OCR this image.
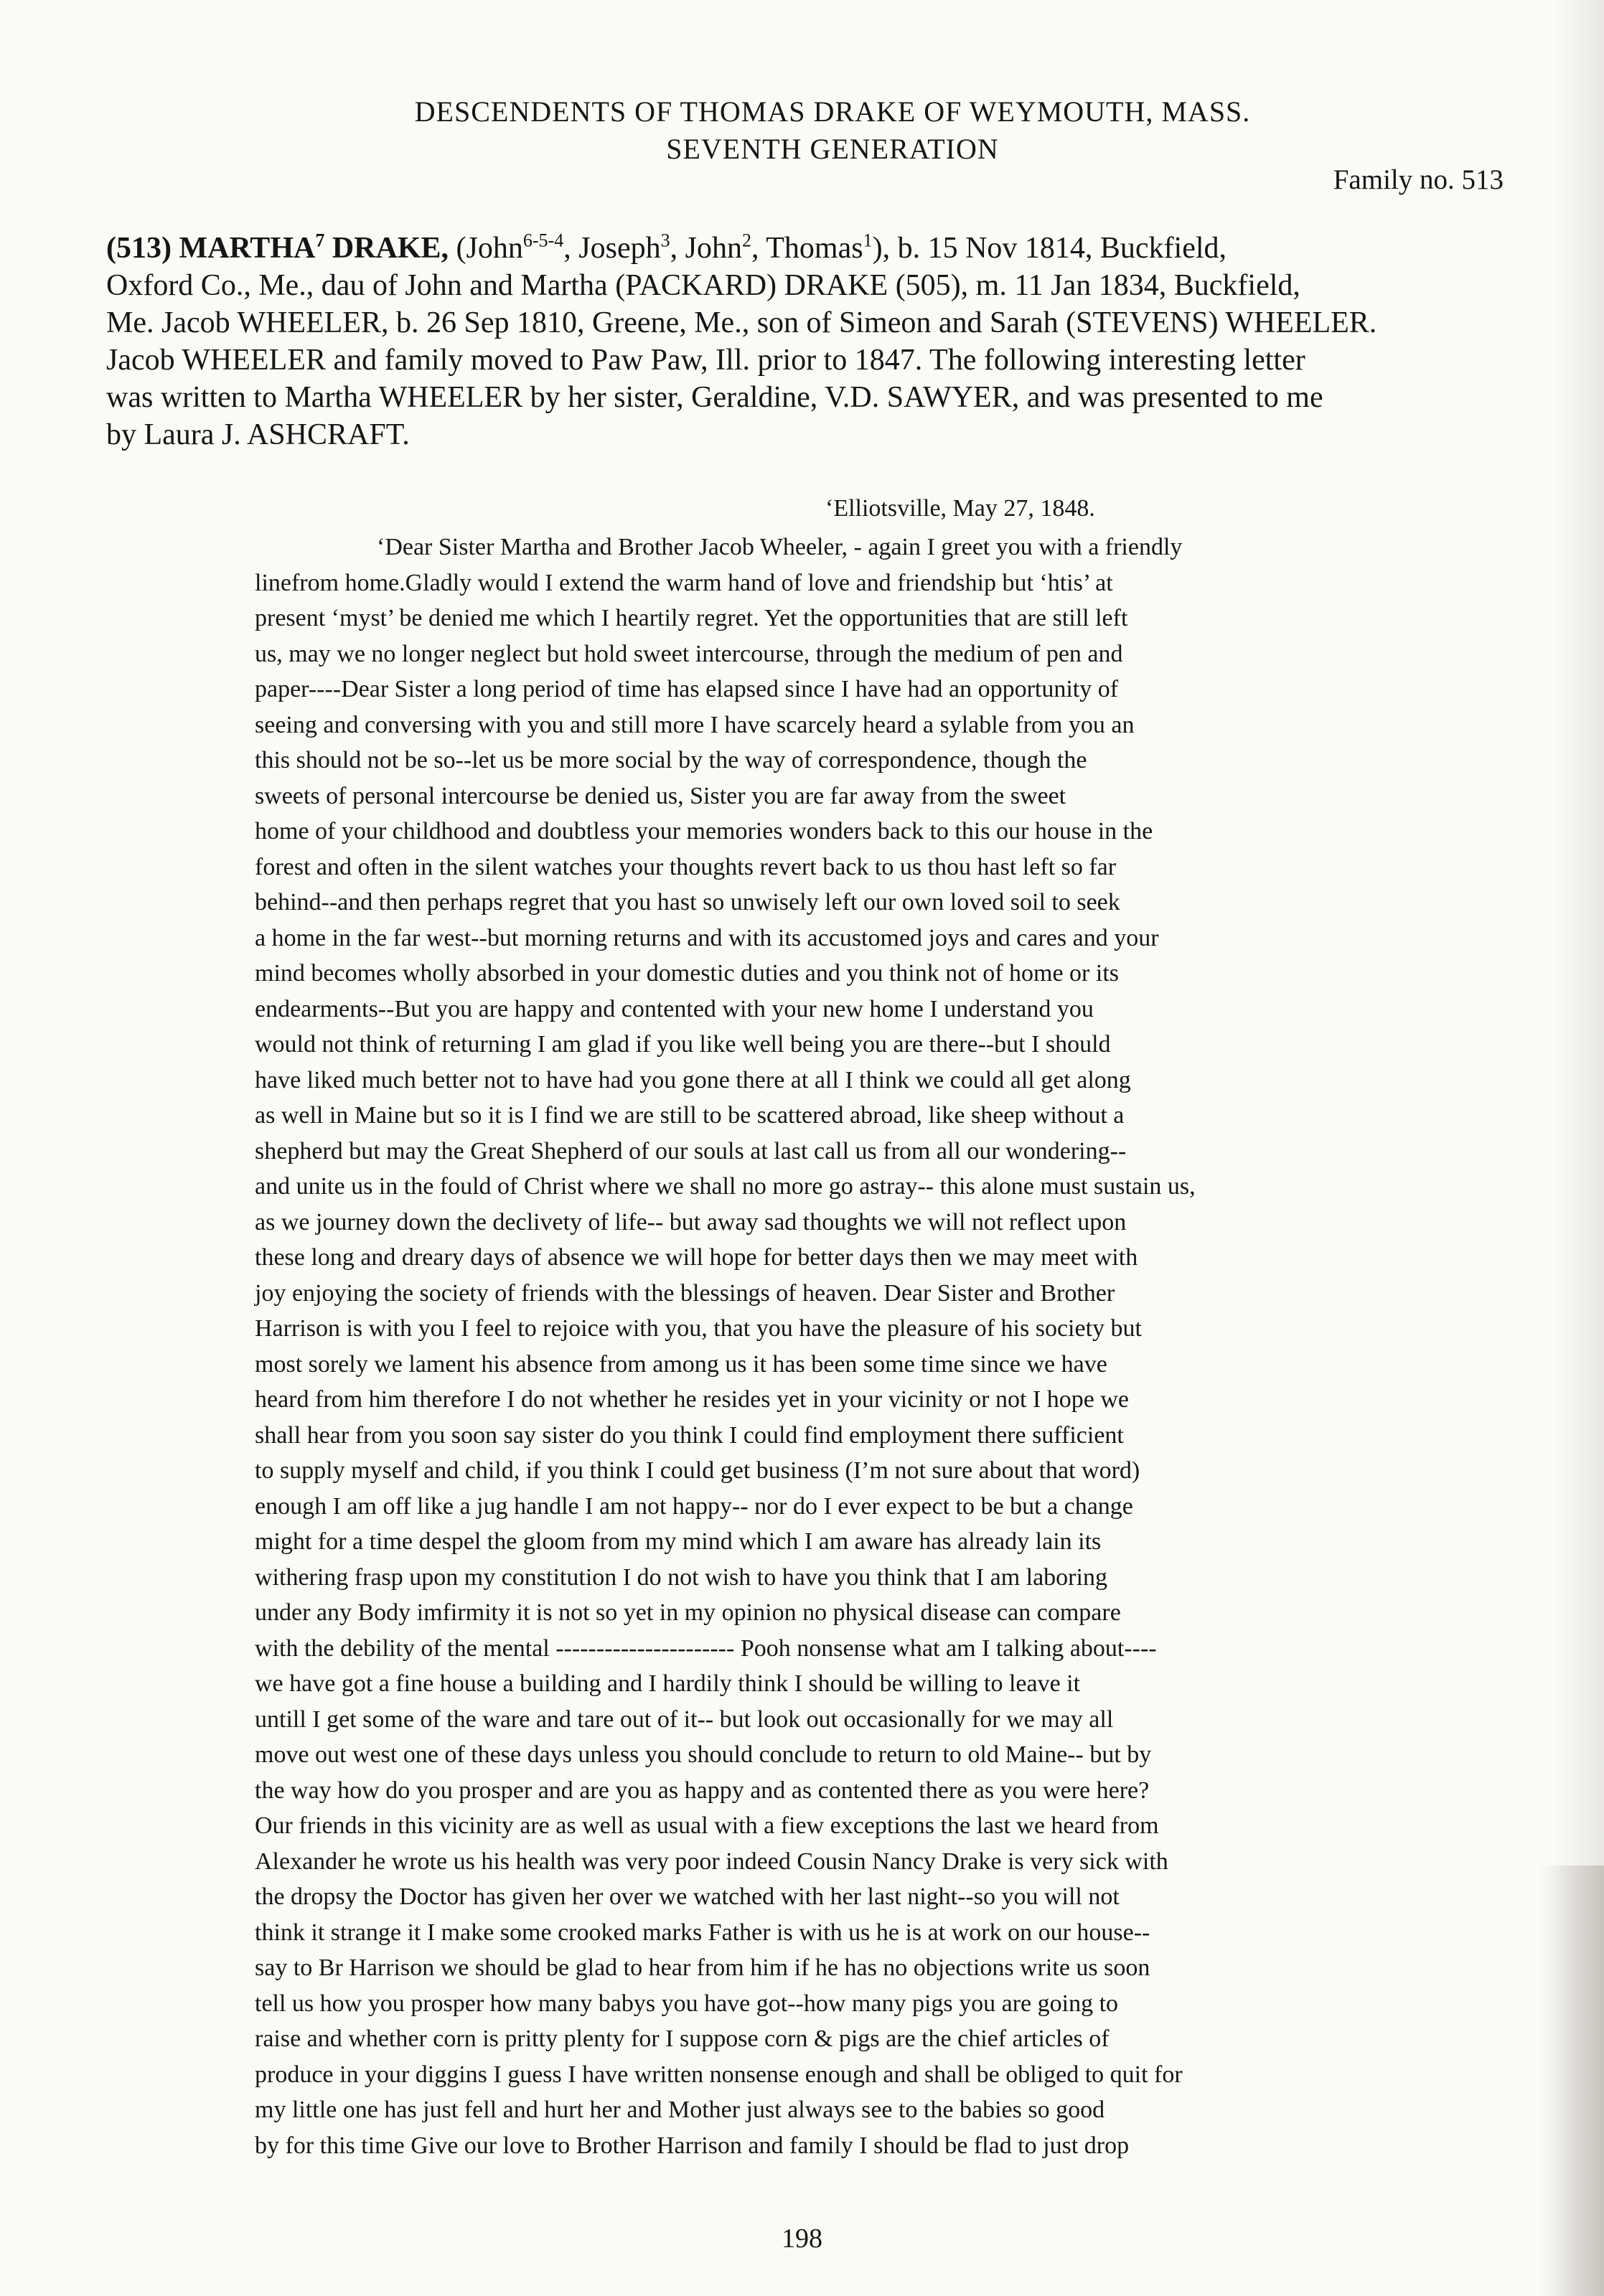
DESCENDENTS OF THOMAS DRAKE OF WEYMOUTH, MASS.
SEVENTH GENERATION
Family no. 513
(513) MARTHA$^7$ DRAKE, (John$^{6-5-4}$, Joseph$^3$, John$^2$, Thomas$^1$), b. 15 Nov 1814, Buckfield,
Oxford Co., Me., dau of John and Martha (PACKARD) DRAKE (505), m. 11 Jan 1834, Buckfield,
Me. Jacob WHEELER, b. 26 Sep 1810, Greene, Me., son of Simeon and Sarah (STEVENS) WHEELER.
Jacob WHEELER and family moved to Paw Paw, Ill. prior to 1847. The following interesting letter
was written to Martha WHEELER by her sister, Geraldine, V.D. SAWYER, and was presented to me
by Laura J. ASHCRAFT.
‘Elliotsville, May 27, 1848.
‘Dear Sister Martha and Brother Jacob Wheeler, - again I greet you with a friendly
linefrom home.Gladly would I extend the warm hand of love and friendship but ‘htis’ at
present ‘myst’ be denied me which I heartily regret. Yet the opportunities that are still left
us, may we no longer neglect but hold sweet intercourse, through the medium of pen and
paper----Dear Sister a long period of time has elapsed since I have had an opportunity of
seeing and conversing with you and still more I have scarcely heard a sylable from you an
this should not be so--let us be more social by the way of correspondence, though the
sweets of personal intercourse be denied us, Sister you are far away from the sweet
home of your childhood and doubtless your memories wonders back to this our house in the
forest and often in the silent watches your thoughts revert back to us thou hast left so far
behind--and then perhaps regret that you hast so unwisely left our own loved soil to seek
a home in the far west--but morning returns and with its accustomed joys and cares and your
mind becomes wholly absorbed in your domestic duties and you think not of home or its
endearments--But you are happy and contented with your new home I understand you
would not think of returning I am glad if you like well being you are there--but I should
have liked much better not to have had you gone there at all I think we could all get along
as well in Maine but so it is I find we are still to be scattered abroad, like sheep without a
shepherd but may the Great Shepherd of our souls at last call us from all our wondering--
and unite us in the fould of Christ where we shall no more go astray-- this alone must sustain us,
as we journey down the declivety of life-- but away sad thoughts we will not reflect upon
these long and dreary days of absence we will hope for better days then we may meet with
joy enjoying the society of friends with the blessings of heaven. Dear Sister and Brother
Harrison is with you I feel to rejoice with you, that you have the pleasure of his society but
most sorely we lament his absence from among us it has been some time since we have
heard from him therefore I do not whether he resides yet in your vicinity or not I hope we
shall hear from you soon say sister do you think I could find employment there sufficient
to supply myself and child, if you think I could get business (I’m not sure about that word)
enough I am off like a jug handle I am not happy-- nor do I ever expect to be but a change
might for a time despel the gloom from my mind which I am aware has already lain its
withering frasp upon my constitution I do not wish to have you think that I am laboring
under any Body imfirmity it is not so yet in my opinion no physical disease can compare
with the debility of the mental ---------------------- Pooh nonsense what am I talking about----
we have got a fine house a building and I hardily think I should be willing to leave it
untill I get some of the ware and tare out of it-- but look out occasionally for we may all
move out west one of these days unless you should conclude to return to old Maine-- but by
the way how do you prosper and are you as happy and as contented there as you were here?
Our friends in this vicinity are as well as usual with a fiew exceptions the last we heard from
Alexander he wrote us his health was very poor indeed Cousin Nancy Drake is very sick with
the dropsy the Doctor has given her over we watched with her last night--so you will not
think it strange it I make some crooked marks Father is with us he is at work on our house--
say to Br Harrison we should be glad to hear from him if he has no objections write us soon
tell us how you prosper how many babys you have got--how many pigs you are going to
raise and whether corn is pritty plenty for I suppose corn & pigs are the chief articles of
produce in your diggins I guess I have written nonsense enough and shall be obliged to quit for
my little one has just fell and hurt her and Mother just always see to the babies so good
by for this time Give our love to Brother Harrison and family I should be flad to just drop
198
